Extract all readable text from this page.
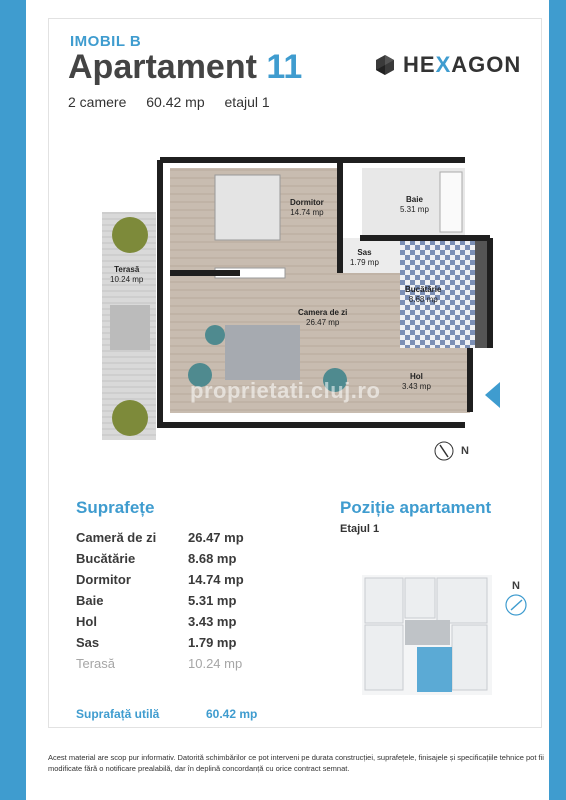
IMOBIL B
Apartament 11
2 camere 60.42 mp etajul 1
HEXAGON
Dormitor
14.74 mp
Baie
5.31 mp
Sas
1.79 mp
Bucătărie
8.68 mp
Terasă
10.24 mp
Camera de zi
26.47 mp
Hol
3.43 mp
proprietati.cluj.ro
N
Suprafețe	Poziție apartament
Etajul 1
Cameră de zi 26.47 mp
Bucătărie	8.68 mp
Dormitor	14.74 mp
Baie	5.31 mp
Hol	3.43 mp
Sas	1.79 mp
Terasă	10.24 mp
Suprafață utilă	60.42 mp
N
Acest material are scop pur informativ. Datorită schimbărilor ce pot interveni pe durata construcției, suprafețele, finisajele și specificațiile tehnice pot fii modificate fără o notificare prealabilă, dar în deplină concordanță cu orice contract semnat.
